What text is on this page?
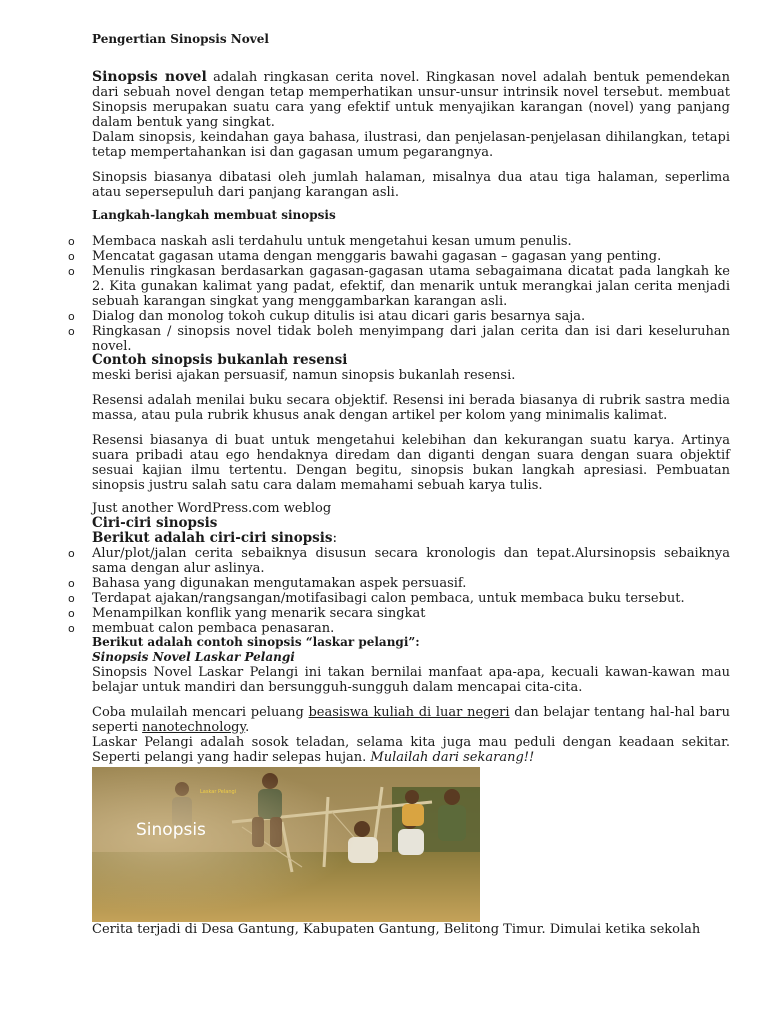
Pengertian Sinopsis Novel

Sinopsis novel adalah ringkasan cerita novel. Ringkasan novel adalah bentuk pemendekan dari sebuah novel dengan tetap memperhatikan unsur-unsur intrinsik novel tersebut. membuat Sinopsis merupakan suatu cara yang efektif untuk menyajikan karangan (novel) yang panjang dalam bentuk yang singkat.

Dalam sinopsis, keindahan gaya bahasa, ilustrasi, dan penjelasan-penjelasan dihilangkan, tetapi tetap mempertahankan isi dan gagasan umum pegarangnya.

Sinopsis biasanya dibatasi oleh jumlah halaman, misalnya dua atau tiga halaman, seperlima atau sepersepuluh dari panjang karangan asli.

Langkah-langkah membuat sinopsis

o Membaca naskah asli terdahulu untuk mengetahui kesan umum penulis.
o Mencatat gagasan utama dengan menggaris bawahi gagasan – gagasan yang penting.
o Menulis ringkasan berdasarkan gagasan-gagasan utama sebagaimana dicatat pada langkah ke 2. Kita gunakan kalimat yang padat, efektif, dan menarik untuk merangkai jalan cerita menjadi sebuah karangan singkat yang menggambarkan karangan asli.
o Dialog dan monolog tokoh cukup ditulis isi atau dicari garis besarnya saja.
o Ringkasan / sinopsis novel tidak boleh menyimpang dari jalan cerita dan isi dari keseluruhan novel.

Contoh sinopsis bukanlah resensi

meski berisi ajakan persuasif, namun sinopsis bukanlah resensi.

Resensi adalah menilai buku secara objektif. Resensi ini berada biasanya di rubrik sastra media massa, atau pula rubrik khusus anak dengan artikel per kolom yang minimalis kalimat.

Resensi biasanya di buat untuk mengetahui kelebihan dan kekurangan suatu karya. Artinya suara pribadi atau ego hendaknya diredam dan diganti dengan suara dengan suara objektif sesuai kajian ilmu tertentu. Dengan begitu, sinopsis bukan langkah apresiasi. Pembuatan sinopsis justru salah satu cara dalam memahami sebuah karya tulis.

Just another WordPress.com weblog

Ciri-ciri sinopsis

Berikut adalah ciri-ciri sinopsis:

o Alur/plot/jalan cerita sebaiknya disusun secara kronologis dan tepat.Alursinopsis sebaiknya sama dengan alur aslinya.
o Bahasa yang digunakan mengutamakan aspek persuasif.
o Terdapat ajakan/rangsangan/motifasibagi calon pembaca, untuk membaca buku tersebut.
o Menampilkan konflik yang menarik secara singkat
o membuat calon pembaca penasaran.

Berikut adalah contoh sinopsis “laskar pelangi”:

Sinopsis Novel Laskar Pelangi

Sinopsis Novel Laskar Pelangi ini takan bernilai manfaat apa-apa, kecuali kawan-kawan mau belajar untuk mandiri dan bersungguh-sungguh dalam mencapai cita-cita.

Coba mulailah mencari peluang beasiswa kuliah di luar negeri dan belajar tentang hal-hal baru seperti nanotechnology.

Laskar Pelangi adalah sosok teladan, selama kita juga mau peduli dengan keadaan sekitar. Seperti pelangi yang hadir selepas hujan. Mulailah dari sekarang!!

Sinopsis
Laskar Pelangi

Cerita terjadi di Desa Gantung, Kabupaten Gantung, Belitong Timur. Dimulai ketika sekolah
